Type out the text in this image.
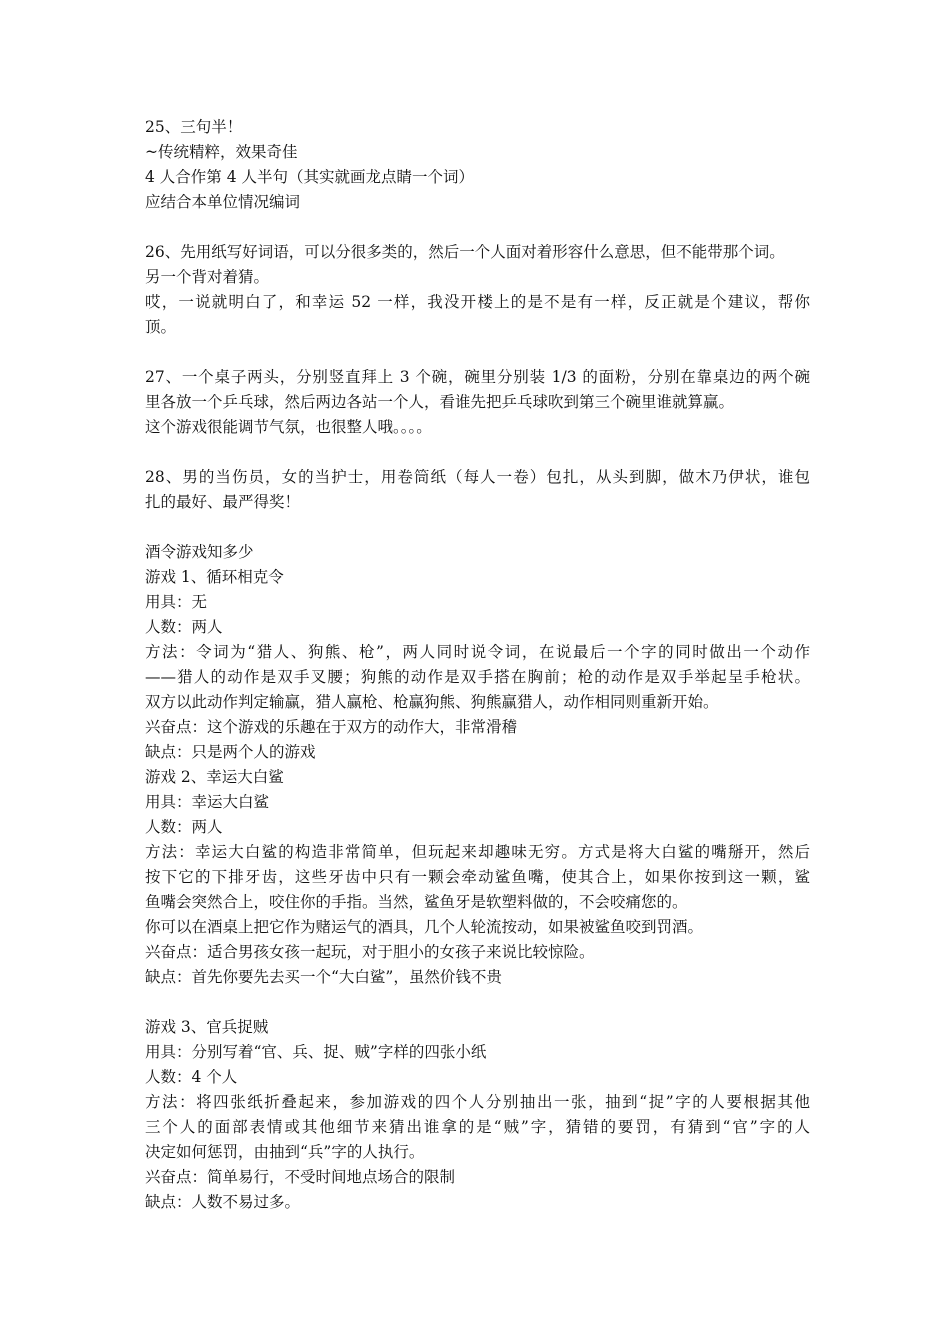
25、三句半！
~传统精粹，效果奇佳
4 人合作第 4 人半句（其实就画龙点睛一个词）
应结合本单位情况编词
26、先用纸写好词语，可以分很多类的，然后一个人面对着形容什么意思，但不能带那个词。
另一个背对着猜。
哎，一说就明白了，和幸运 52 一样，我没开楼上的是不是有一样，反正就是个建议，帮你
顶。
27、一个桌子两头，分别竖直拜上 3 个碗，碗里分别装 1/3 的面粉，分别在靠桌边的两个碗
里各放一个乒乓球，然后两边各站一个人，看谁先把乒乓球吹到第三个碗里谁就算赢。
这个游戏很能调节气氛，也很整人哦。。。。
28、男的当伤员，女的当护士，用卷筒纸（每人一卷）包扎，从头到脚，做木乃伊状，谁包
扎的最好、最严得奖！
酒令游戏知多少
游戏 1、循环相克令
用具：无
人数：两人
方法：令词为“猎人、狗熊、枪”，两人同时说令词，在说最后一个字的同时做出一个动作
——猎人的动作是双手叉腰；狗熊的动作是双手搭在胸前；枪的动作是双手举起呈手枪状。
双方以此动作判定输赢，猎人赢枪、枪赢狗熊、狗熊赢猎人，动作相同则重新开始。
兴奋点：这个游戏的乐趣在于双方的动作大，非常滑稽
缺点：只是两个人的游戏
游戏 2、幸运大白鲨
用具：幸运大白鲨
人数：两人
方法：幸运大白鲨的构造非常简单，但玩起来却趣味无穷。方式是将大白鲨的嘴掰开，然后
按下它的下排牙齿，这些牙齿中只有一颗会牵动鲨鱼嘴，使其合上，如果你按到这一颗，鲨
鱼嘴会突然合上，咬住你的手指。当然，鲨鱼牙是软塑料做的，不会咬痛您的。
你可以在酒桌上把它作为赌运气的酒具，几个人轮流按动，如果被鲨鱼咬到罚酒。
兴奋点：适合男孩女孩一起玩，对于胆小的女孩子来说比较惊险。
缺点：首先你要先去买一个“大白鲨”，虽然价钱不贵
游戏 3、官兵捉贼
用具：分别写着“官、兵、捉、贼”字样的四张小纸
人数：4 个人
方法：将四张纸折叠起来，参加游戏的四个人分别抽出一张，抽到“捉”字的人要根据其他
三个人的面部表情或其他细节来猜出谁拿的是“贼”字，猜错的要罚，有猜到“官”字的人
决定如何惩罚，由抽到“兵”字的人执行。
兴奋点：简单易行，不受时间地点场合的限制
缺点：人数不易过多。
